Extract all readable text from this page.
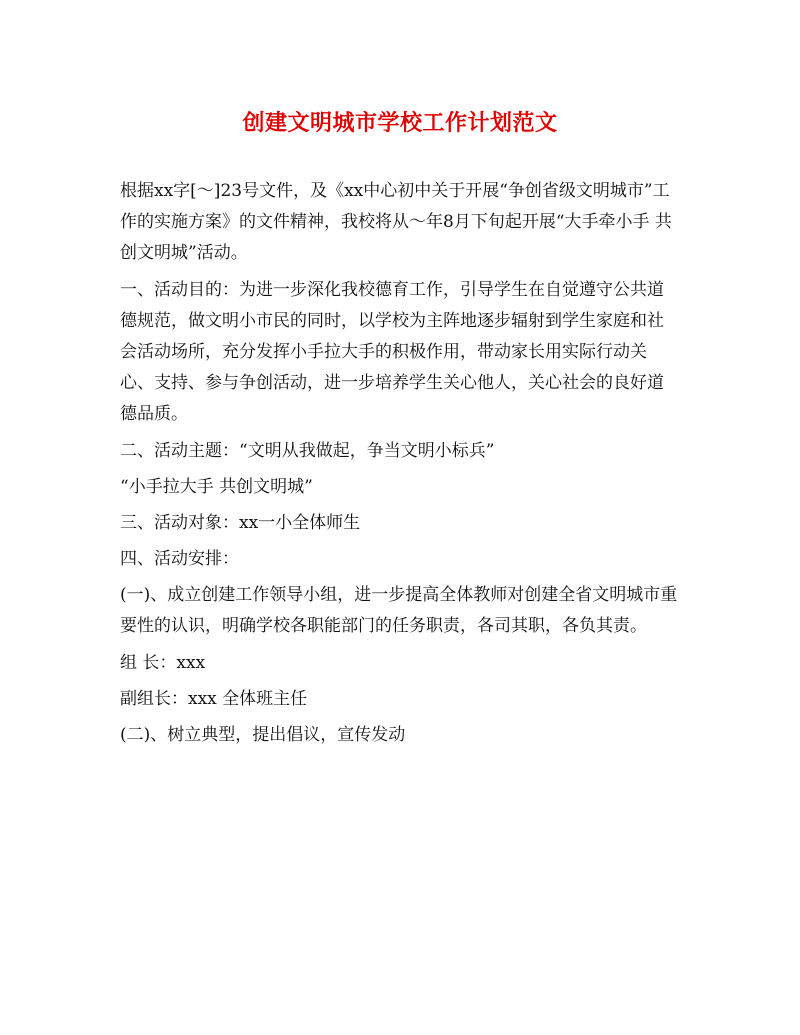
创建文明城市学校工作计划范文

根据xx字[～]23号文件，及《xx中心初中关于开展“争创省级文明城市”工作的实施方案》的文件精神，我校将从～年8月下旬起开展“大手牵小手 共创文明城”活动。

一、活动目的：为进一步深化我校德育工作，引导学生在自觉遵守公共道德规范，做文明小市民的同时，以学校为主阵地逐步辐射到学生家庭和社会活动场所，充分发挥小手拉大手的积极作用，带动家长用实际行动关心、支持、参与争创活动，进一步培养学生关心他人，关心社会的良好道德品质。

二、活动主题：“文明从我做起，争当文明小标兵”

“小手拉大手 共创文明城”

三、活动对象：xx一小全体师生

四、活动安排：

(一)、成立创建工作领导小组，进一步提高全体教师对创建全省文明城市重要性的认识，明确学校各职能部门的任务职责，各司其职，各负其责。

组 长：xxx

副组长：xxx 全体班主任

(二)、树立典型，提出倡议，宣传发动
